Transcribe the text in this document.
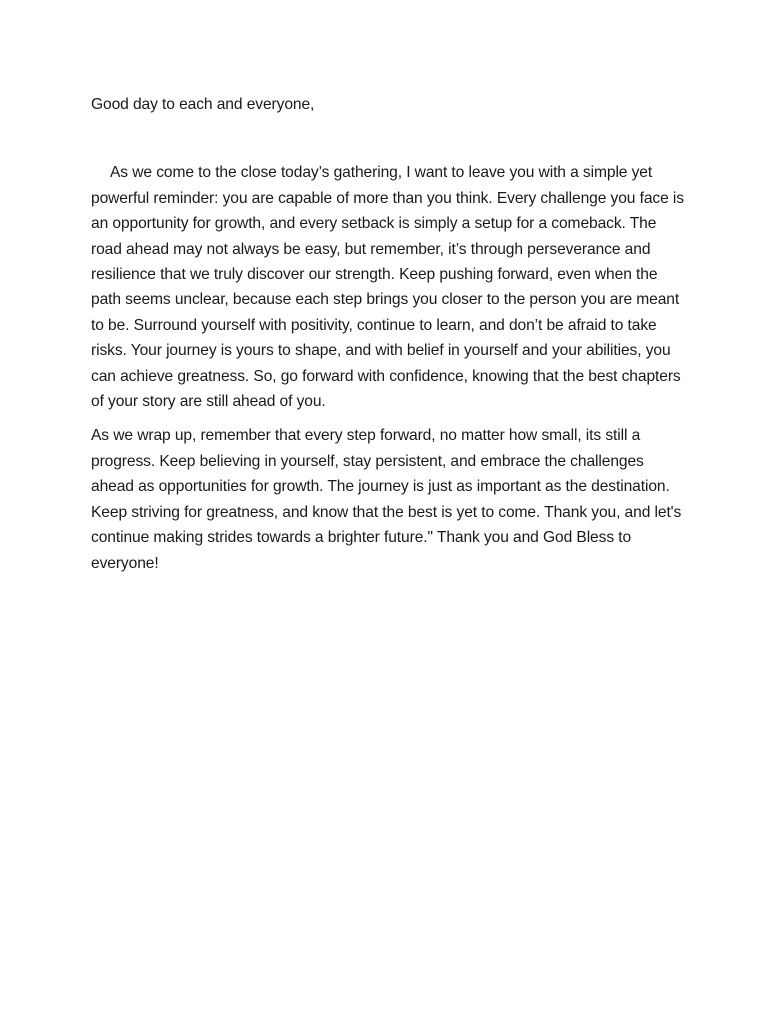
Good day to each and everyone,

As we come to the close today’s gathering, I want to leave you with a simple yet powerful reminder: you are capable of more than you think. Every challenge you face is an opportunity for growth, and every setback is simply a setup for a comeback. The road ahead may not always be easy, but remember, it’s through perseverance and resilience that we truly discover our strength. Keep pushing forward, even when the path seems unclear, because each step brings you closer to the person you are meant to be. Surround yourself with positivity, continue to learn, and don’t be afraid to take risks. Your journey is yours to shape, and with belief in yourself and your abilities, you can achieve greatness. So, go forward with confidence, knowing that the best chapters of your story are still ahead of you.

As we wrap up, remember that every step forward, no matter how small, its still a progress. Keep believing in yourself, stay persistent, and embrace the challenges ahead as opportunities for growth. The journey is just as important as the destination. Keep striving for greatness, and know that the best is yet to come. Thank you, and let's continue making strides towards a brighter future." Thank you and God Bless to everyone!
